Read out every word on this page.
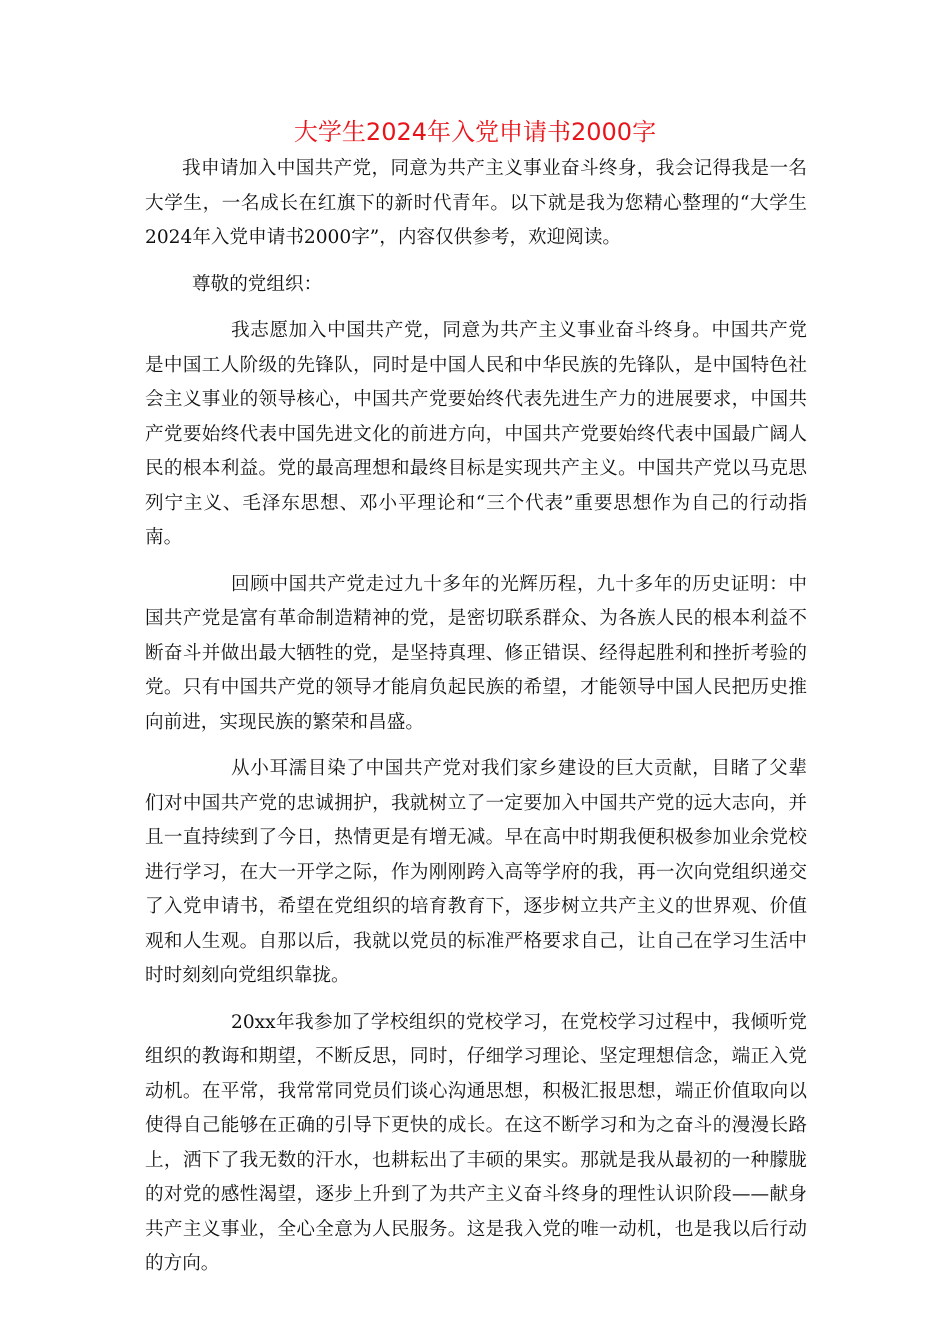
大学生2024年入党申请书2000字

我申请加入中国共产党，同意为共产主义事业奋斗终身，我会记得我是一名大学生，一名成长在红旗下的新时代青年。以下就是我为您精心整理的“大学生2024年入党申请书2000字”，内容仅供参考，欢迎阅读。

尊敬的党组织：

我志愿加入中国共产党，同意为共产主义事业奋斗终身。中国共产党是中国工人阶级的先锋队，同时是中国人民和中华民族的先锋队，是中国特色社会主义事业的领导核心，中国共产党要始终代表先进生产力的进展要求，中国共产党要始终代表中国先进文化的前进方向，中国共产党要始终代表中国最广阔人民的根本利益。党的最高理想和最终目标是实现共产主义。中国共产党以马克思列宁主义、毛泽东思想、邓小平理论和“三个代表”重要思想作为自己的行动指南。

回顾中国共产党走过九十多年的光辉历程，九十多年的历史证明：中国共产党是富有革命制造精神的党，是密切联系群众、为各族人民的根本利益不断奋斗并做出最大牺牲的党，是坚持真理、修正错误、经得起胜利和挫折考验的党。只有中国共产党的领导才能肩负起民族的希望，才能领导中国人民把历史推向前进，实现民族的繁荣和昌盛。

从小耳濡目染了中国共产党对我们家乡建设的巨大贡献，目睹了父辈们对中国共产党的忠诚拥护，我就树立了一定要加入中国共产党的远大志向，并且一直持续到了今日，热情更是有增无减。早在高中时期我便积极参加业余党校进行学习，在大一开学之际，作为刚刚跨入高等学府的我，再一次向党组织递交了入党申请书，希望在党组织的培育教育下，逐步树立共产主义的世界观、价值观和人生观。自那以后，我就以党员的标准严格要求自己，让自己在学习生活中时时刻刻向党组织靠拢。

20xx年我参加了学校组织的党校学习，在党校学习过程中，我倾听党组织的教诲和期望，不断反思，同时，仔细学习理论、坚定理想信念，端正入党动机。在平常，我常常同党员们谈心沟通思想，积极汇报思想，端正价值取向以使得自己能够在正确的引导下更快的成长。在这不断学习和为之奋斗的漫漫长路上，洒下了我无数的汗水，也耕耘出了丰硕的果实。那就是我从最初的一种朦胧的对党的感性渴望，逐步上升到了为共产主义奋斗终身的理性认识阶段——献身共产主义事业，全心全意为人民服务。这是我入党的唯一动机，也是我以后行动的方向。
